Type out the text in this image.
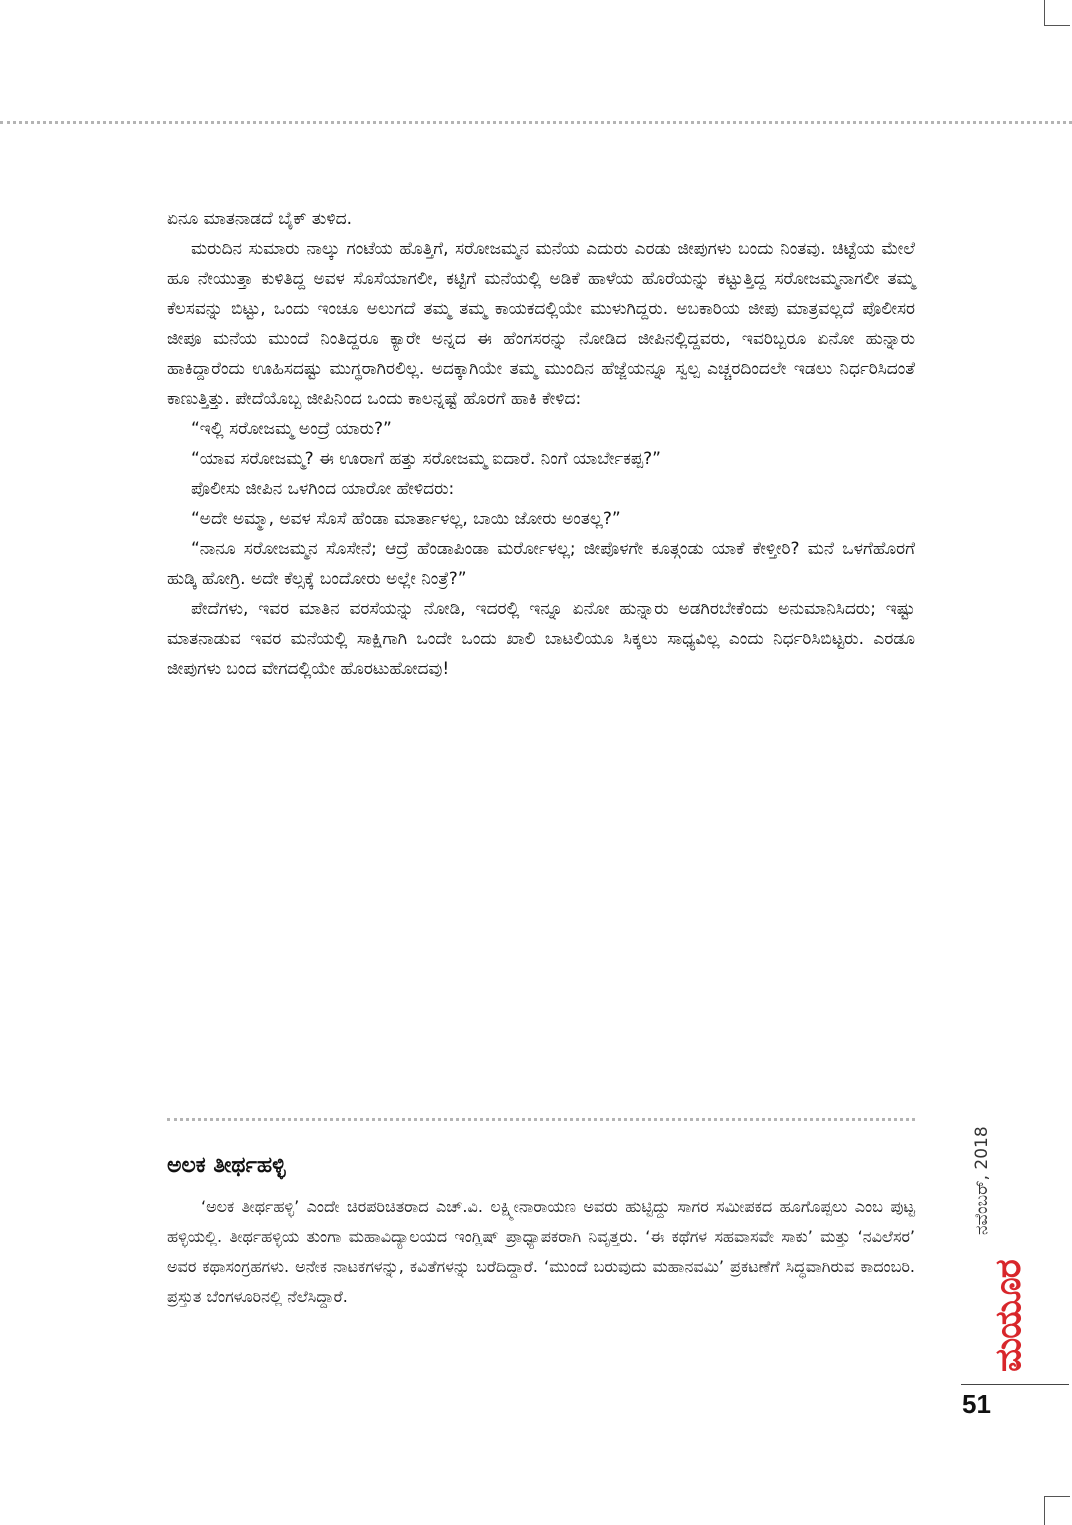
ಏನೂ ಮಾತನಾಡದೆ ಬೈಕ್ ತುಳಿದ.

ಮರುದಿನ ಸುಮಾರು ನಾಲ್ಕು ಗಂಟೆಯ ಹೊತ್ತಿಗೆ, ಸರೋಜಮ್ಮನ ಮನೆಯ ಎದುರು ಎರಡು ಜೀಪುಗಳು ಬಂದು ನಿಂತವು. ಚಿಟ್ಟೆಯ ಮೇಲೆ ಹೂ ನೇಯುತ್ತಾ ಕುಳಿತಿದ್ದ ಅವಳ ಸೊಸೆಯಾಗಲೀ, ಕಟ್ಟಿಗೆ ಮನೆಯಲ್ಲಿ ಅಡಿಕೆ ಹಾಳೆಯ ಹೊರೆಯನ್ನು ಕಟ್ಟುತ್ತಿದ್ದ ಸರೋಜಮ್ಮನಾಗಲೀ ತಮ್ಮ ಕೆಲಸವನ್ನು ಬಿಟ್ಟು, ಒಂದು ಇಂಚೂ ಅಲುಗದೆ ತಮ್ಮ ತಮ್ಮ ಕಾಯಕದಲ್ಲಿಯೇ ಮುಳುಗಿದ್ದರು. ಅಬಕಾರಿಯ ಜೀಪು ಮಾತ್ರವಲ್ಲದೆ ಪೊಲೀಸರ ಜೀಪೂ ಮನೆಯ ಮುಂದೆ ನಿಂತಿದ್ದರೂ ಕ್ಯಾರೇ ಅನ್ನದ ಈ ಹೆಂಗಸರನ್ನು ನೋಡಿದ ಜೀಪಿನಲ್ಲಿದ್ದವರು, ಇವರಿಬ್ಬರೂ ಏನೋ ಹುನ್ನಾರು ಹಾಕಿದ್ದಾರೆಂದು ಊಹಿಸದಷ್ಟು ಮುಗ್ಧರಾಗಿರಲಿಲ್ಲ. ಅದಕ್ಕಾಗಿಯೇ ತಮ್ಮ ಮುಂದಿನ ಹೆಜ್ಜೆಯನ್ನೂ ಸ್ವಲ್ಪ ಎಚ್ಚರದಿಂದಲೇ ಇಡಲು ನಿರ್ಧರಿಸಿದಂತೆ ಕಾಣುತ್ತಿತ್ತು. ಪೇದೆಯೊಬ್ಬ ಜೀಪಿನಿಂದ ಒಂದು ಕಾಲನ್ನಷ್ಟೆ ಹೊರಗೆ ಹಾಕಿ ಕೇಳಿದ:

“ಇಲ್ಲಿ ಸರೋಜಮ್ಮ ಅಂದ್ರೆ ಯಾರು?”

“ಯಾವ ಸರೋಜಮ್ಮ? ಈ ಊರಾಗೆ ಹತ್ತು ಸರೋಜಮ್ಮ ಐದಾರೆ. ನಿಂಗೆ ಯಾರ್ಬೇಕಪ್ಪ?”

ಪೊಲೀಸು ಜೀಪಿನ ಒಳಗಿಂದ ಯಾರೋ ಹೇಳಿದರು:

“ಅದೇ ಅಮ್ಮಾ, ಅವಳ ಸೊಸೆ ಹೆಂಡಾ ಮಾರ್ತಾಳಲ್ಲ, ಬಾಯಿ ಜೋರು ಅಂತಲ್ಲ?”

“ನಾನೂ ಸರೋಜಮ್ಮನ ಸೊಸೇನೆ; ಆದ್ರೆ ಹೆಂಡಾಪಿಂಡಾ ಮರ್ರೋಳಲ್ಲ; ಜೀಪೊಳಗೇ ಕೂತ್ಗಂಡು ಯಾಕೆ ಕೇಳ್ತೀರಿ? ಮನೆ ಒಳಗೆಹೊರಗೆ ಹುಡ್ಕಿ ಹೋಗ್ರಿ. ಅದೇ ಕೆಲ್ಸಕ್ಕೆ ಬಂದೋರು ಅಲ್ಲೇ ನಿಂತ್ರೆ?”

ಪೇದೆಗಳು, ಇವರ ಮಾತಿನ ವರಸೆಯನ್ನು ನೋಡಿ, ಇದರಲ್ಲಿ ಇನ್ನೂ ಏನೋ ಹುನ್ನಾರು ಅಡಗಿರಬೇಕೆಂದು ಅನುಮಾನಿಸಿದರು; ಇಷ್ಟು ಮಾತನಾಡುವ ಇವರ ಮನೆಯಲ್ಲಿ ಸಾಕ್ಷಿಗಾಗಿ ಒಂದೇ ಒಂದು ಖಾಲಿ ಬಾಟಲಿಯೂ ಸಿಕ್ಕಲು ಸಾಧ್ಯವಿಲ್ಲ ಎಂದು ನಿರ್ಧರಿಸಿಬಿಟ್ಟರು. ಎರಡೂ ಜೀಪುಗಳು ಬಂದ ವೇಗದಲ್ಲಿಯೇ ಹೊರಟುಹೋದವು!

ಅಲಕ ತೀರ್ಥಹಳ್ಳಿ
‘ಅಲಕ ತೀರ್ಥಹಳ್ಳಿ’ ಎಂದೇ ಚಿರಪರಿಚಿತರಾದ ಎಚ್.ವಿ. ಲಕ್ಷ್ಮೀನಾರಾಯಣ ಅವರು ಹುಟ್ಟಿದ್ದು ಸಾಗರ ಸಮೀಪಕದ ಹೂಗೊಪ್ಪಲು ಎಂಬ ಪುಟ್ಟ ಹಳ್ಳಿಯಲ್ಲಿ. ತೀರ್ಥಹಳ್ಳಿಯ ತುಂಗಾ ಮಹಾವಿದ್ಯಾಲಯದ ಇಂಗ್ಲಿಷ್ ಪ್ರಾಧ್ಯಾಪಕರಾಗಿ ನಿವೃತ್ತರು. ‘ಈ ಕಥೆಗಳ ಸಹವಾಸವೇ ಸಾಕು’ ಮತ್ತು ‘ನವಿಲೆಸರ’ ಅವರ ಕಥಾಸಂಗ್ರಹಗಳು. ಅನೇಕ ನಾಟಕಗಳನ್ನು, ಕವಿತೆಗಳನ್ನು ಬರೆದಿದ್ದಾರೆ. ‘ಮುಂದೆ ಬರುವುದು ಮಹಾನವಮಿ’ ಪ್ರಕಟಣೆಗೆ ಸಿದ್ಧವಾಗಿರುವ ಕಾದಂಬರಿ. ಪ್ರಸ್ತುತ ಬೆಂಗಳೂರಿನಲ್ಲಿ ನೆಲೆಸಿದ್ದಾರೆ.
ನವೆಂಬರ್, 2018
ಮಯೂರ
51
